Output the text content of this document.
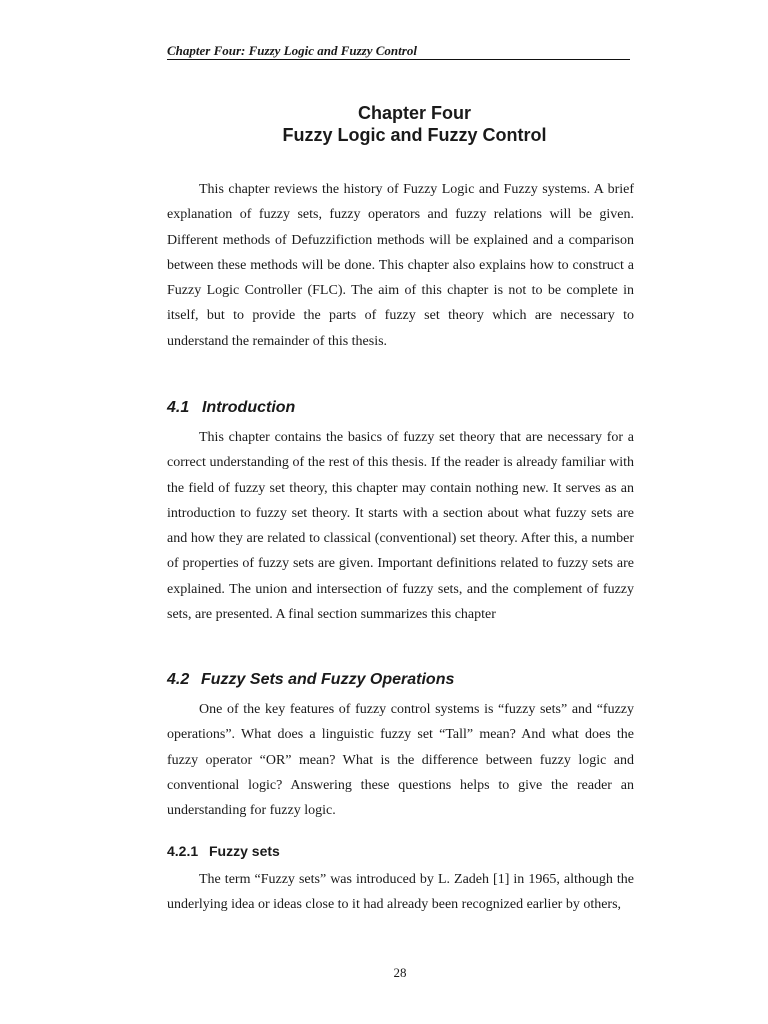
Chapter Four: Fuzzy Logic and Fuzzy Control
Chapter Four
Fuzzy Logic and Fuzzy Control

This chapter reviews the history of Fuzzy Logic and Fuzzy systems. A brief explanation of fuzzy sets, fuzzy operators and fuzzy relations will be given. Different methods of Defuzzifiction methods will be explained and a comparison between these methods will be done. This chapter also explains how to construct a Fuzzy Logic Controller (FLC). The aim of this chapter is not to be complete in itself, but to provide the parts of fuzzy set theory which are necessary to understand the remainder of this thesis.

4.1 Introduction

This chapter contains the basics of fuzzy set theory that are necessary for a correct understanding of the rest of this thesis. If the reader is already familiar with the field of fuzzy set theory, this chapter may contain nothing new. It serves as an introduction to fuzzy set theory. It starts with a section about what fuzzy sets are and how they are related to classical (conventional) set theory. After this, a number of properties of fuzzy sets are given. Important definitions related to fuzzy sets are explained. The union and intersection of fuzzy sets, and the complement of fuzzy sets, are presented. A final section summarizes this chapter

4.2 Fuzzy Sets and Fuzzy Operations

One of the key features of fuzzy control systems is “fuzzy sets” and “fuzzy operations”. What does a linguistic fuzzy set “Tall” mean? And what does the fuzzy operator “OR” mean? What is the difference between fuzzy logic and conventional logic? Answering these questions helps to give the reader an understanding for fuzzy logic.

4.2.1 Fuzzy sets

The term “Fuzzy sets” was introduced by L. Zadeh [1] in 1965, although the underlying idea or ideas close to it had already been recognized earlier by others,

28
